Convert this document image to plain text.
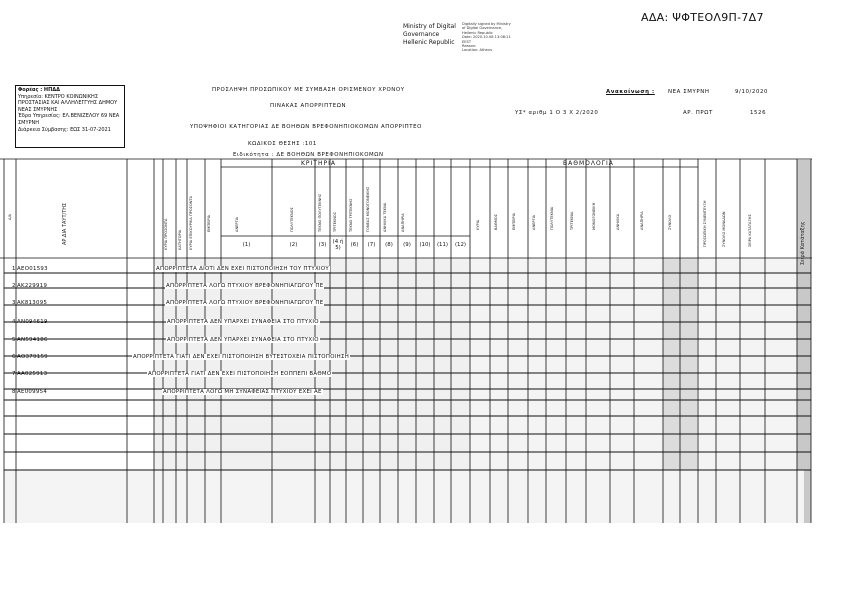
ΑΔΑ: ΨΦΤΕΟΛ9Π-7Δ7
Ministry of Digital
Governance
Hellenic Republic
Digitally signed by Ministry
of Digital Governance,
Hellenic Republic
Date: 2020.10.08 13:08:21
EEST
Reason:
Location: Athens
Φορέας : ΗΠΔΔ
Υπηρεσία: ΚΕΝΤΡΟ ΚΟΙΝΩΝΙΚΗΣ
ΠΡΟΣΤΑΣΙΑΣ ΚΑΙ ΑΛΛΗΛΕΓΓΥΗΣ ΔΗΜΟΥ
ΝΕΑΣ ΣΜΥΡΝΗΣ
Έδρα Υπηρεσίας: ΕΛ.ΒΕΝΙΖΕΛΟΥ 69 ΝΕΑ ΣΜΥΡΝΗ
Διάρκεια Σύμβασης: ΕΩΣ 31-07-2021
ΠΡΟΣΛΗΨΗ ΠΡΟΣΩΠΙΚΟΥ ΜΕ ΣΥΜΒΑΣΗ ΟΡΙΣΜΕΝΟΥ ΧΡΟΝΟΥ
ΠΙΝΑΚΑΣ ΑΠΟΡΡΙΠΤΕΩΝ
ΥΠΟΨΗΦΙΟΙ ΚΑΤΗΓΟΡΙΑΣ ΔΕ ΒΟΗΘΩΝ ΒΡΕΦΟΝΗΠΙΟΚΟΜΩΝ ΑΠΟΡΡΙΠΤΕΟ
ΚΩΔΙΚΟΣ ΘΕΣΗΣ :101
Ειδικότητα : ΔΕ ΒΟΗΘΩΝ ΒΡΕΦΟΝΗΠΙΟΚΟΜΩΝ
Ανακοίνωση : ΝΕΑ ΣΜΥΡΝΗ	9/10/2020
ΥΣ* αριθμ 1 Ο 3 Χ 2/2020	ΑΡ. ΠΡΩΤ	1526
ΚΡΙΤΗΡΙΑ	ΒΑΘΜΟΛΟΓΙΑ
Α/Α	ΑΡ.ΔΙΑ ΤΑΥΤ/ΤΗΣ	ΚΥΡΙΑ ΠΡΟΣΟΝΤΑ	ΚΑΤΗΓΟΡΙΑ ΚΥΡΙΑ ΕΠΙΚΟΥΡΙΚΑ ΠΡΟΣΟΝΤΑ	ΕΜΠΕΙΡΙΑ	ΑΝΕΡΓΙΑ	ΠΟΛΥΤΕΚΝΟΣ	ΤΕΚΝΟ ΠΟΛΥΤΕΚΝΗΣ	ΤΡΙΤΕΚΝΟΣ	ΤΕΚΝΟ ΤΡΙΤΕΚΝΗΣ	ΓΟΝΕΑΣ ΜΟΝΟΓΟΝΕΙΚΗΣ	ΑΝΗΛΙΚΑ ΤΕΚΝΑ	ΑΝΑΠΗΡΙΑ	ΚΥΡΙΑ	ΒΑΘΜΟΣ	ΕΜΠΕΙΡΙΑ	ΑΝΕΡΓΙΑ	ΠΟΛΥΤΕΚΝΙΑ	ΤΡΙΤΕΚΝΙΑ	ΜΟΝΟΓΟΝΕΙΚΗ	ΑΝΗΛΙΚΑ	ΑΝΑΠΗΡΙΑ	ΣΥΝΟΛΟ	ΠΡΟΣΩΠΙΚΗ ΣΥΝΕΝΤΕΥΞΗ	ΣΥΝΟΛΟ ΜΟΝΑΔΩΝ	ΣΕΙΡΑ ΚΑΤΑΤΑΞΗΣ	Σειρά Κατάταξης
(1)	(2)	(3)	(4 ή 5)	(6)	(7)	(8)	(9)	(10)	(11)	(12)
1 ΑΕΟ01593	ΑΠΟΡΡΙΠΤΕΤΑ ΔΙΟΤΙ ΔΕΝ ΕΧΕΙ ΠΙΣΤΟΠΟΙΗΣΗ ΤΟΥ ΠΤΥΧΙΟΥ
2 ΑΚ229919	ΑΠΟΡΡΙΠΤΕΤΑ ΛΟΓΩ ΠΤΥΧΙΟΥ ΒΡΕΦΟΝΗΠΙΑΓΩΓΟΥ ΠΕ
3 ΑΚ813095	ΑΠΟΡΡΙΠΤΕΤΑ ΛΟΓΩ ΠΤΥΧΙΟΥ ΒΡΕΦΟΝΗΠΙΑΓΩΓΟΥ ΠΕ
4 ΑΝ094619	ΑΠΟΡΡΙΠΤΕΤΑ ΔΕΝ ΥΠΑΡΧΕΙ ΣΥΝΑΦΕΙΑ ΣΤΟ ΠΤΥΧΙΟ
5 ΑΝ594186	ΑΠΟΡΡΙΠΤΕΤΑ ΔΕΝ ΥΠΑΡΧΕΙ ΣΥΝΑΦΕΙΑ ΣΤΟ ΠΤΥΧΙΟ
6 ΑΟ379159	ΑΠΟΡΡΙΠΤΕΤΑ ΓΙΑΤΙ ΔΕΝ ΕΧΕΙ ΠΙΣΤΟΠΟΙΗΣΗ ΒΥΤΕΣΤΟΧΕΙΑ ΠΙΣΤΟΠΟΙΗΣΗ
7 ΑΑ025913	ΑΠΟΡΡΙΠΤΕΤΑ ΓΙΑΤΙ ΔΕΝ ΕΧΕΙ ΠΙΣΤΟΠΟΙΗΣΗ ΕΟΠΠΕΠΙ ΒΑΘΜΟ
8 ΑΕ009954	ΑΠΟΡΡΙΠΤΕΤΑ ΛΟΓΩ ΜΗ ΣΥΝΑΦΕΙΑΣ ΠΤΥΧΙΟΥ ΕΧΕΙ ΑΕ
